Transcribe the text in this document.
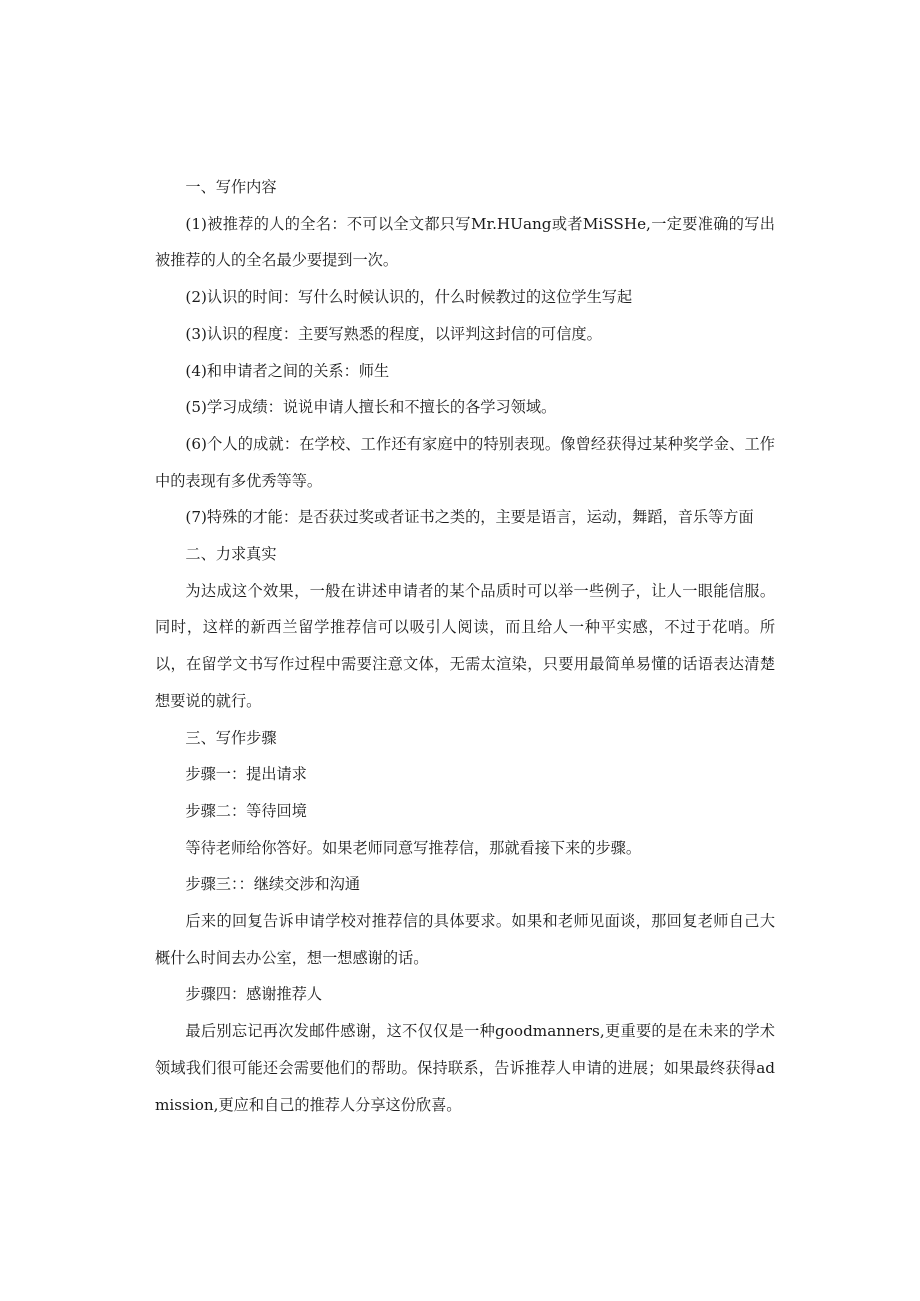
一、写作内容

(1)被推荐的人的全名：不可以全文都只写Mr.HUang或者MiSSHe,一定要准确的写出被推荐的人的全名最少要提到一次。

(2)认识的时间：写什么时候认识的，什么时候教过的这位学生写起

(3)认识的程度：主要写熟悉的程度，以评判这封信的可信度。

(4)和申请者之间的关系：师生

(5)学习成绩：说说申请人擅长和不擅长的各学习领域。

(6)个人的成就：在学校、工作还有家庭中的特别表现。像曾经获得过某种奖学金、工作中的表现有多优秀等等。

(7)特殊的才能：是否获过奖或者证书之类的，主要是语言，运动，舞蹈，音乐等方面

二、力求真实

为达成这个效果，一般在讲述申请者的某个品质时可以举一些例子，让人一眼能信服。同时，这样的新西兰留学推荐信可以吸引人阅读，而且给人一种平实感，不过于花哨。所以，在留学文书写作过程中需要注意文体，无需太渲染，只要用最简单易懂的话语表达清楚想要说的就行。

三、写作步骤

步骤一：提出请求

步骤二：等待回境

等待老师给你答好。如果老师同意写推荐信，那就看接下来的步骤。

步骤三：：继续交涉和沟通

后来的回复告诉申请学校对推荐信的具体要求。如果和老师见面谈，那回复老师自己大概什么时间去办公室，想一想感谢的话。

步骤四：感谢推荐人

最后别忘记再次发邮件感谢，这不仅仅是一种goodmanners,更重要的是在未来的学术领域我们很可能还会需要他们的帮助。保持联系，告诉推荐人申请的进展；如果最终获得admission,更应和自己的推荐人分享这份欣喜。
